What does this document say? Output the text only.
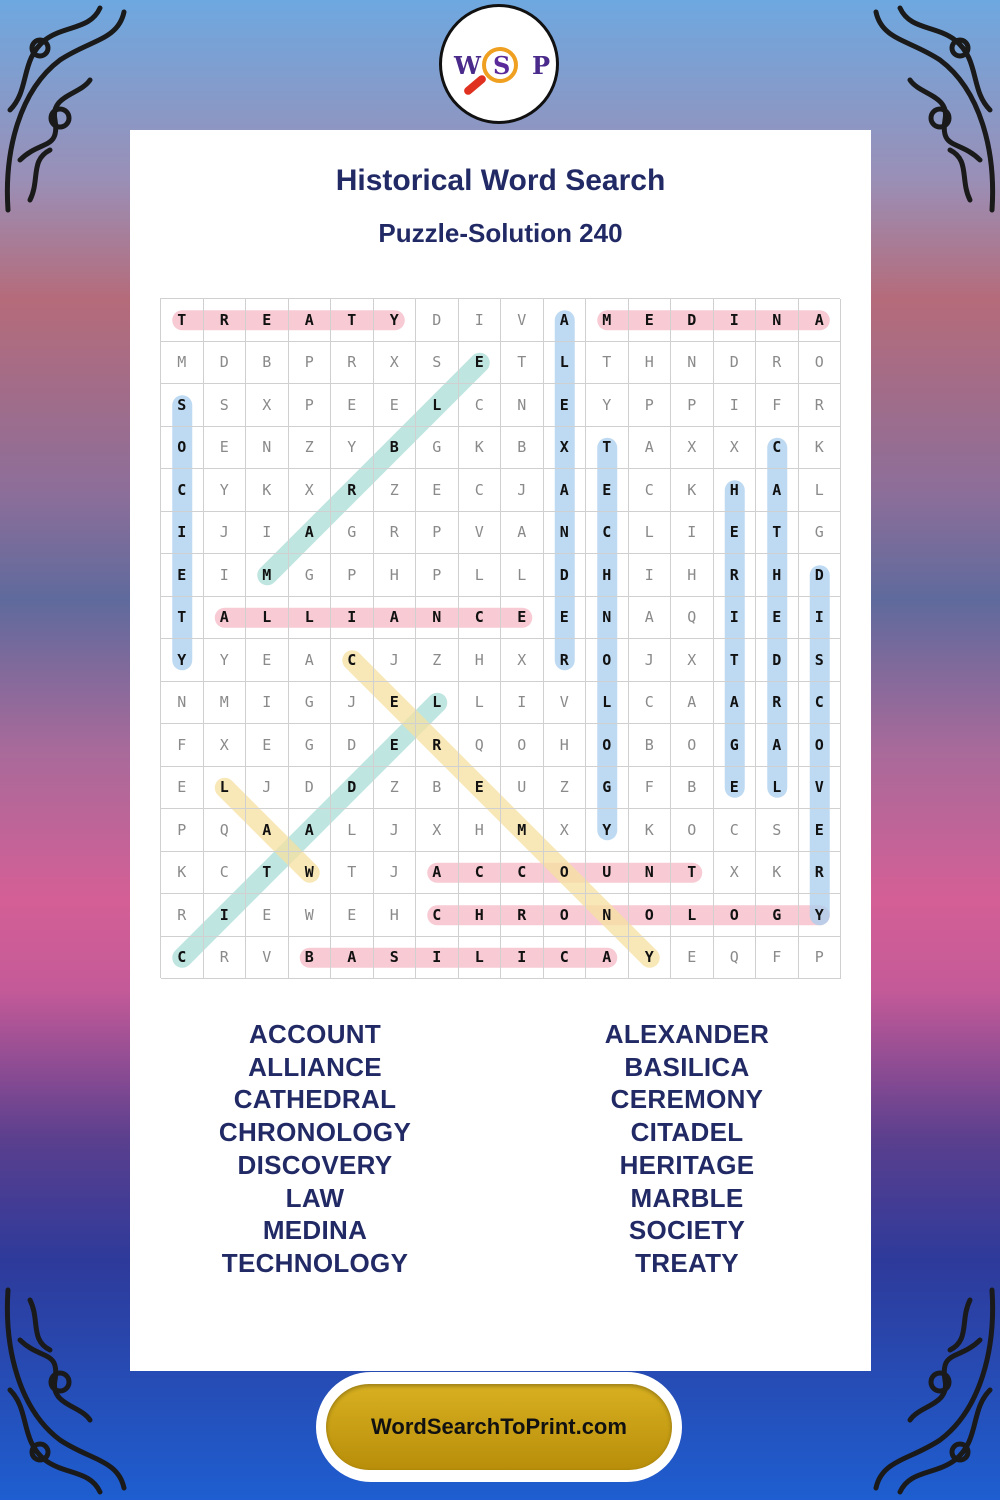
Historical Word Search
Puzzle-Solution 240
T	R	E	A	T	Y	D	I	V	A	M	E	D	I	N	A
M	D	B	P	R	X	S	E	T	L	T	H	N	D	R	O
S	S	X	P	E	E	L	C	N	E	Y	P	P	I	F	R
O	E	N	Z	Y	B	G	K	B	X	T	A	X	X	C	K
C	Y	K	X	R	Z	E	C	J	A	E	C	K	H	A	L
I	J	I	A	G	R	P	V	A	N	C	L	I	E	T	G
E	I	M	G	P	H	P	L	L	D	H	I	H	R	H	D
T	A	L	L	I	A	N	C	E	E	N	A	Q	I	E	I
Y	Y	E	A	C	J	Z	H	X	R	O	J	X	T	D	S
N	M	I	G	J	E	L	L	I	V	L	C	A	A	R	C
F	X	E	G	D	E	R	Q	O	H	O	B	O	G	A	O
E	L	J	D	D	Z	B	E	U	Z	G	F	B	E	L	V
P	Q	A	A	L	J	X	H	M	X	Y	K	O	C	S	E
K	C	T	W	T	J	A	C	C	O	U	N	T	X	K	R
R	I	E	W	E	H	C	H	R	O	N	O	L	O	G	Y
C	R	V	B	A	S	I	L	I	C	A	Y	E	Q	F	P
ACCOUNT
ALLIANCE
CATHEDRAL
CHRONOLOGY
DISCOVERY
LAW
MEDINA
TECHNOLOGY
ALEXANDER
BASILICA
CEREMONY
CITADEL
HERITAGE
MARBLE
SOCIETY
TREATY
W S P
WordSearchToPrint.com
